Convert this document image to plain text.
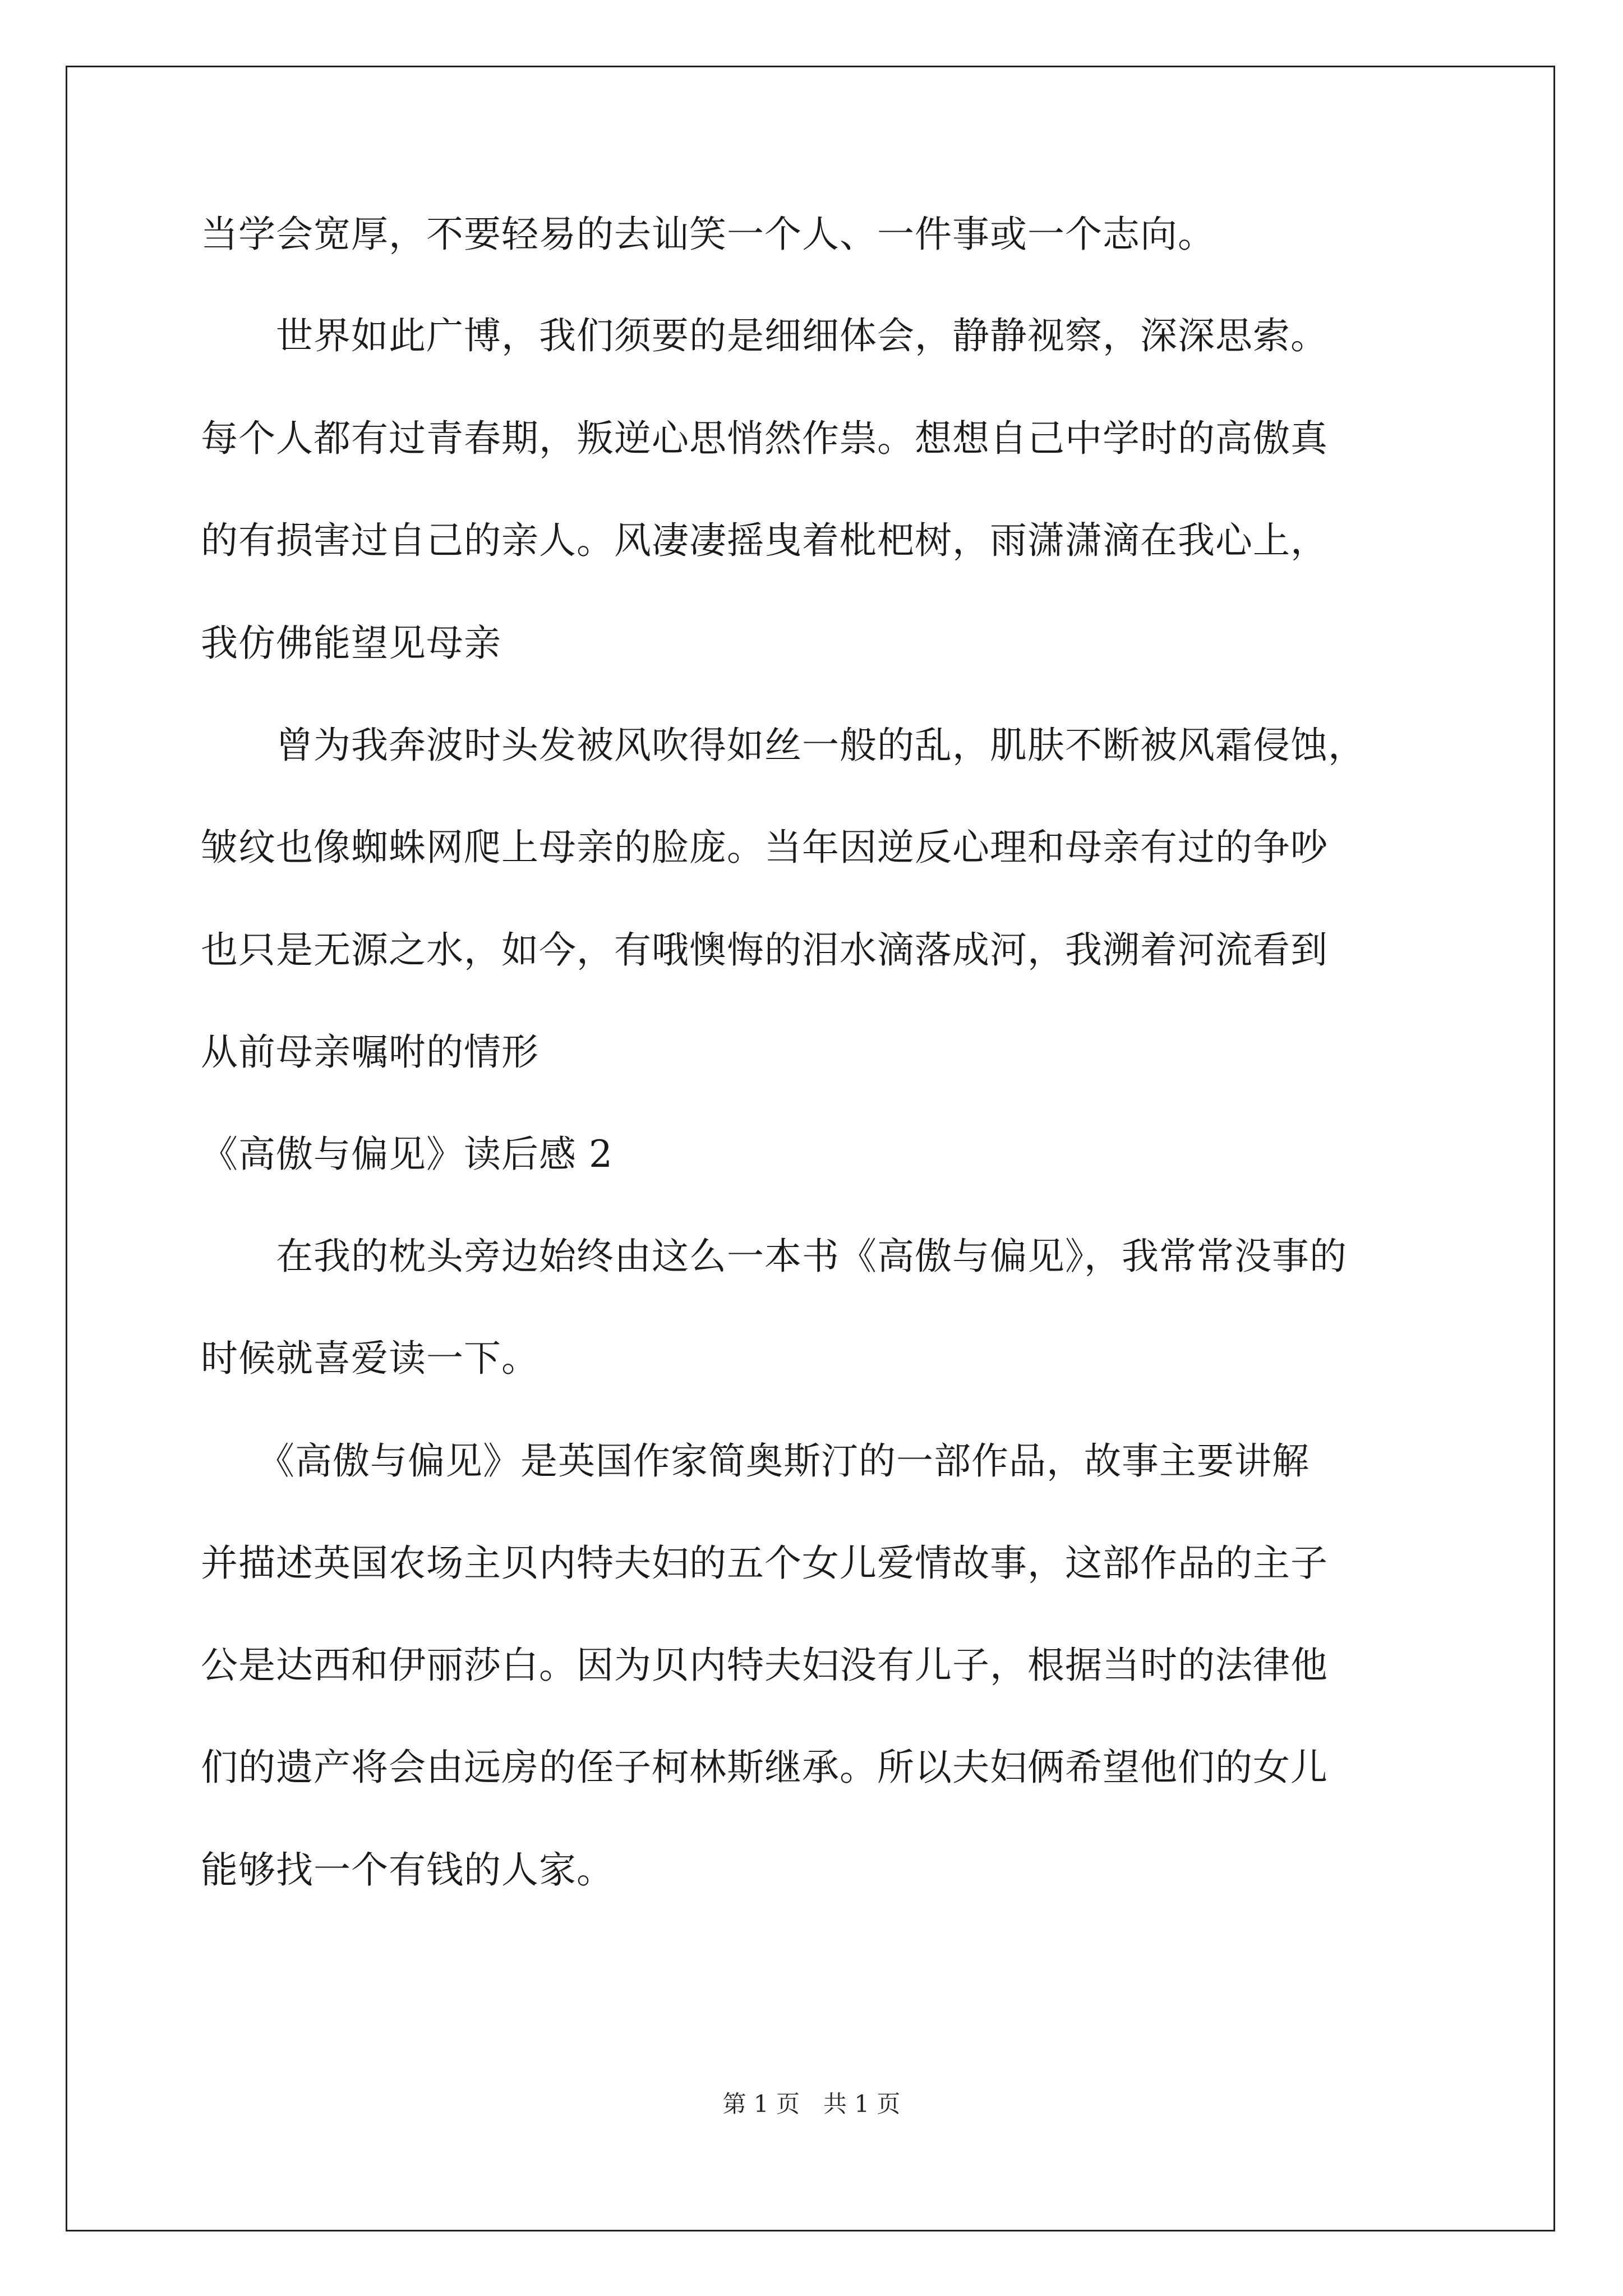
当学会宽厚，不要轻易的去讪笑一个人、一件事或一个志向。
　　世界如此广博，我们须要的是细细体会，静静视察，深深思索。
每个人都有过青春期，叛逆心思悄然作祟。想想自己中学时的高傲真
的有损害过自己的亲人。风凄凄摇曳着枇杷树，雨潇潇滴在我心上，
我仿佛能望见母亲
　　曾为我奔波时头发被风吹得如丝一般的乱，肌肤不断被风霜侵蚀，
皱纹也像蜘蛛网爬上母亲的脸庞。当年因逆反心理和母亲有过的争吵
也只是无源之水，如今，有哦懊悔的泪水滴落成河，我溯着河流看到
从前母亲嘱咐的情形
《高傲与偏见》读后感 2
　　在我的枕头旁边始终由这么一本书《高傲与偏见》，我常常没事的
时候就喜爱读一下。
　　《高傲与偏见》是英国作家简奥斯汀的一部作品，故事主要讲解
并描述英国农场主贝内特夫妇的五个女儿爱情故事，这部作品的主子
公是达西和伊丽莎白。因为贝内特夫妇没有儿子，根据当时的法律他
们的遗产将会由远房的侄子柯林斯继承。所以夫妇俩希望他们的女儿
能够找一个有钱的人家。
第 1 页　共 1 页
